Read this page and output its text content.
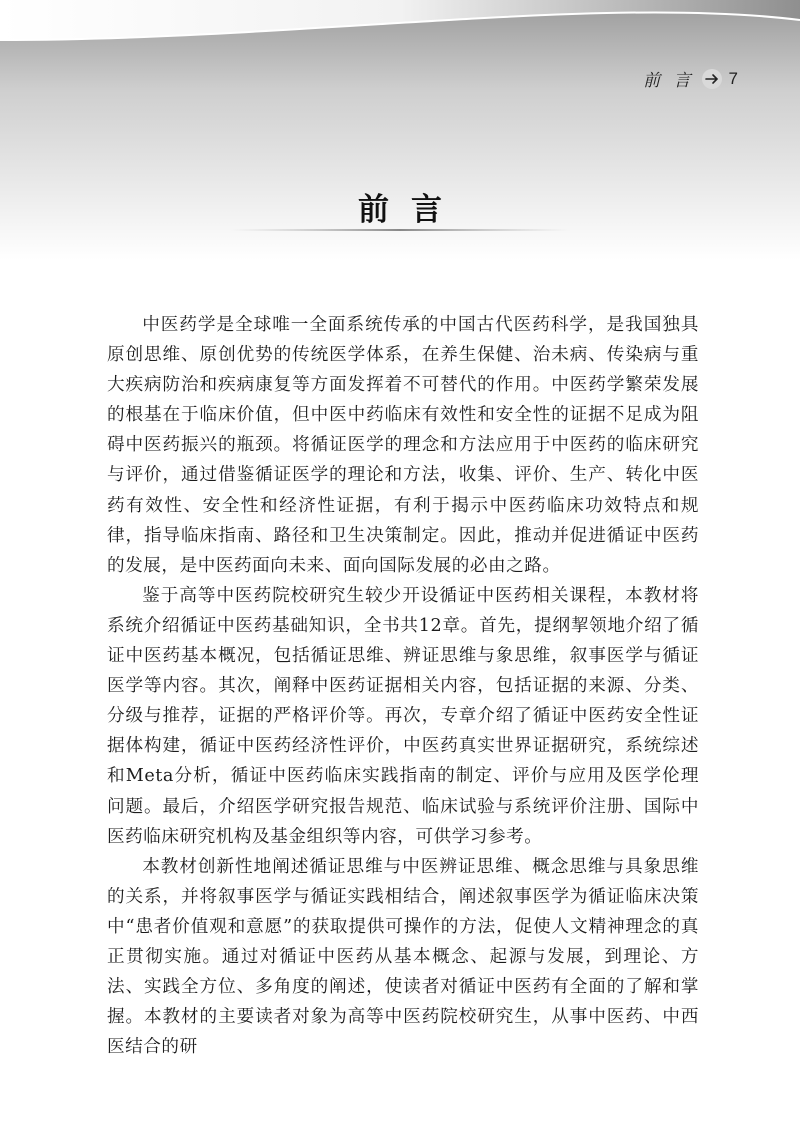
前 言 7
前言

中医药学是全球唯一全面系统传承的中国古代医药科学，是我国独具原创思维、原创优势的传统医学体系，在养生保健、治未病、传染病与重大疾病防治和疾病康复等方面发挥着不可替代的作用。中医药学繁荣发展的根基在于临床价值，但中医中药临床有效性和安全性的证据不足成为阻碍中医药振兴的瓶颈。将循证医学的理念和方法应用于中医药的临床研究与评价，通过借鉴循证医学的理论和方法，收集、评价、生产、转化中医药有效性、安全性和经济性证据，有利于揭示中医药临床功效特点和规律，指导临床指南、路径和卫生决策制定。因此，推动并促进循证中医药的发展，是中医药面向未来、面向国际发展的必由之路。

鉴于高等中医药院校研究生较少开设循证中医药相关课程，本教材将系统介绍循证中医药基础知识，全书共12章。首先，提纲挈领地介绍了循证中医药基本概况，包括循证思维、辨证思维与象思维，叙事医学与循证医学等内容。其次，阐释中医药证据相关内容，包括证据的来源、分类、分级与推荐，证据的严格评价等。再次，专章介绍了循证中医药安全性证据体构建，循证中医药经济性评价，中医药真实世界证据研究，系统综述和Meta分析，循证中医药临床实践指南的制定、评价与应用及医学伦理问题。最后，介绍医学研究报告规范、临床试验与系统评价注册、国际中医药临床研究机构及基金组织等内容，可供学习参考。

本教材创新性地阐述循证思维与中医辨证思维、概念思维与具象思维的关系，并将叙事医学与循证实践相结合，阐述叙事医学为循证临床决策中“患者价值观和意愿”的获取提供可操作的方法，促使人文精神理念的真正贯彻实施。通过对循证中医药从基本概念、起源与发展，到理论、方法、实践全方位、多角度的阐述，使读者对循证中医药有全面的了解和掌握。本教材的主要读者对象为高等中医药院校研究生，从事中医药、中西医结合的研
